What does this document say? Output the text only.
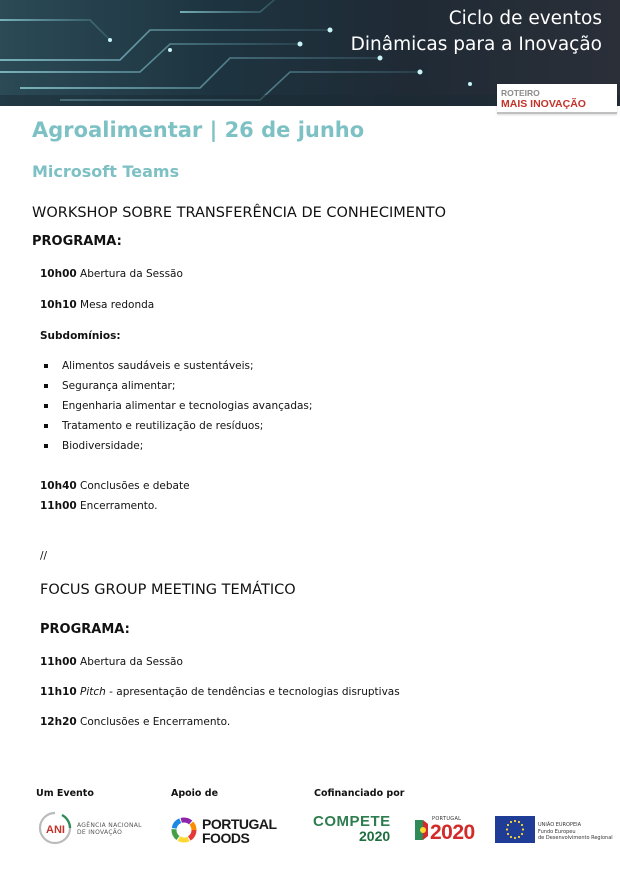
Ciclo de eventos
Dinâmicas para a Inovação
ROTEIRO
MAIS INOVAÇÃO
Agroalimentar | 26 de junho
Microsoft Teams
WORKSHOP SOBRE TRANSFERÊNCIA DE CONHECIMENTO
PROGRAMA:
10h00 Abertura da Sessão
10h10 Mesa redonda
Subdomínios:
Alimentos saudáveis e sustentáveis;
Segurança alimentar;
Engenharia alimentar e tecnologias avançadas;
Tratamento e reutilização de resíduos;
Biodiversidade;
10h40 Conclusões e debate
11h00 Encerramento.
//
FOCUS GROUP MEETING TEMÁTICO
PROGRAMA:
11h00 Abertura da Sessão
11h10 Pitch - apresentação de tendências e tecnologias disruptivas
12h20 Conclusões e Encerramento.
Um Evento	Apoio de	Cofinanciado por
ANI AGÊNCIA NACIONAL
DE INOVAÇÃO
PORTUGAL
FOODS
COMPETE
2020
PORTUGAL
2020	UNIÃO EUROPEIA
Fundo Europeu
de Desenvolvimento Regional
